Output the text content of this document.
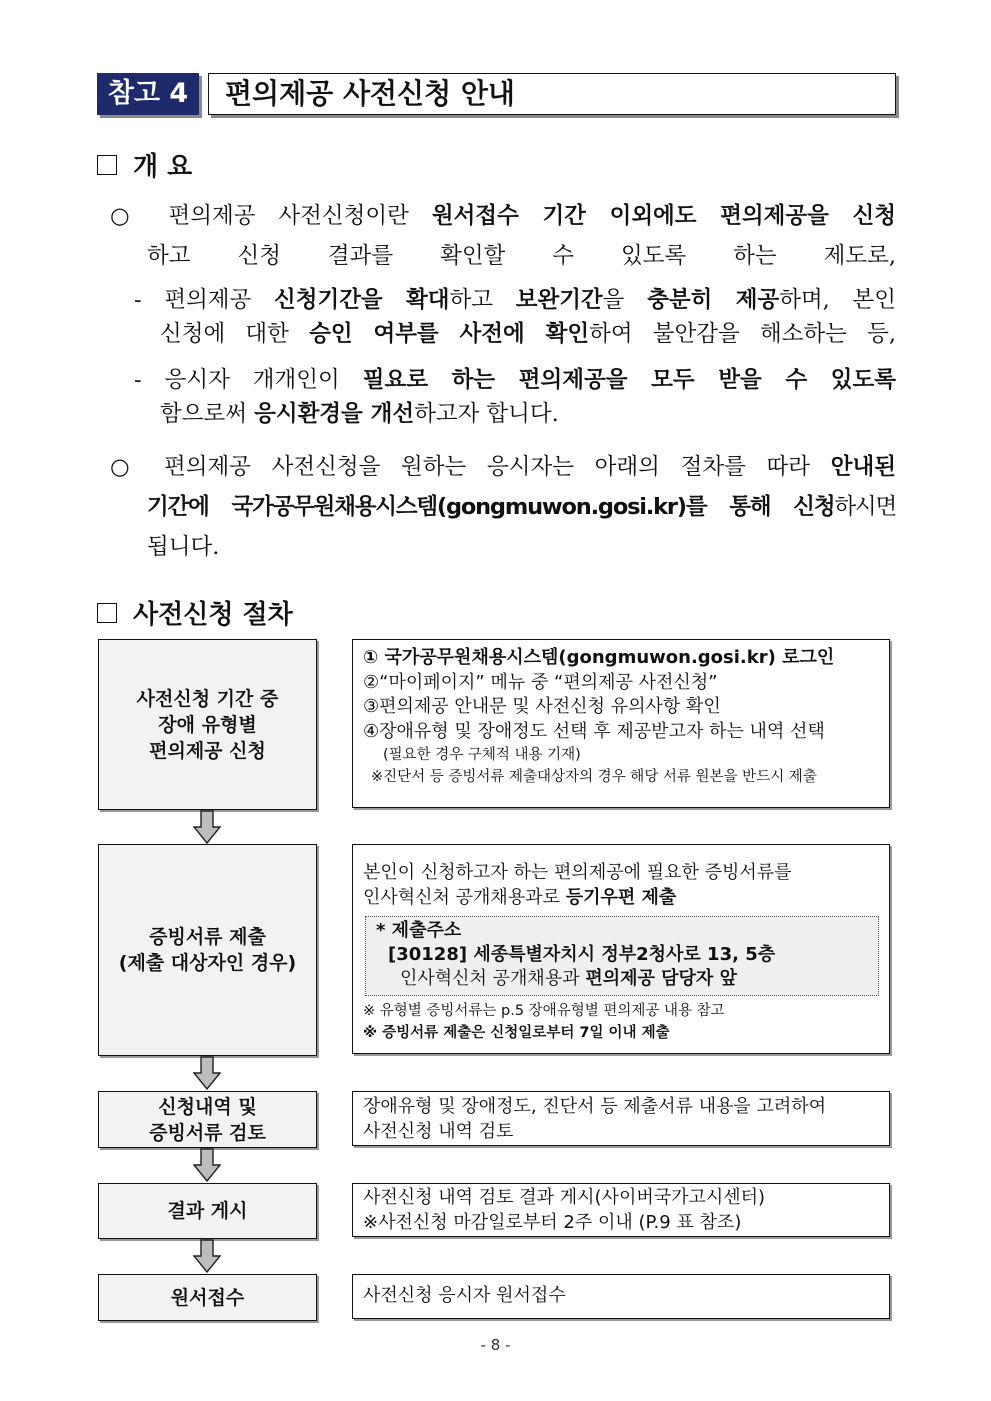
참고 4	편의제공 사전신청 안내
개 요
○ 편의제공 사전신청이란 원서접수 기간 이외에도 편의제공을 신청
하고 신청 결과를 확인할 수 있도록 하는 제도로,
- 편의제공 신청기간을 확대하고 보완기간을 충분히 제공하며, 본인
신청에 대한 승인 여부를 사전에 확인하여 불안감을 해소하는 등,
- 응시자 개개인이 필요로 하는 편의제공을 모두 받을 수 있도록
함으로써 응시환경을 개선하고자 합니다.
○ 편의제공 사전신청을 원하는 응시자는 아래의 절차를 따라 안내된
기간에 국가공무원채용시스템(gongmuwon.gosi.kr)를 통해 신청하시면
됩니다.
사전신청 절차
사전신청 기간 중
장애 유형별
편의제공 신청
① 국가공무원채용시스템(gongmuwon.gosi.kr) 로그인
②“마이페이지” 메뉴 중 “편의제공 사전신청”
③편의제공 안내문 및 사전신청 유의사항 확인
④장애유형 및 장애정도 선택 후 제공받고자 하는 내역 선택
(필요한 경우 구체적 내용 기재)
※진단서 등 증빙서류 제출대상자의 경우 해당 서류 원본을 반드시 제출
증빙서류 제출
(제출 대상자인 경우)
본인이 신청하고자 하는 편의제공에 필요한 증빙서류를
인사혁신처 공개채용과로 등기우편 제출
* 제출주소
[30128] 세종특별자치시 정부2청사로 13, 5층
인사혁신처 공개채용과 편의제공 담당자 앞
※ 유형별 증빙서류는 p.5 장애유형별 편의제공 내용 참고
※ 증빙서류 제출은 신청일로부터 7일 이내 제출
신청내역 및
증빙서류 검토
장애유형 및 장애정도, 진단서 등 제출서류 내용을 고려하여
사전신청 내역 검토
결과 게시
사전신청 내역 검토 결과 게시(사이버국가고시센터)
※사전신청 마감일로부터 2주 이내 (P.9 표 참조)
원서접수	사전신청 응시자 원서접수
- 8 -
